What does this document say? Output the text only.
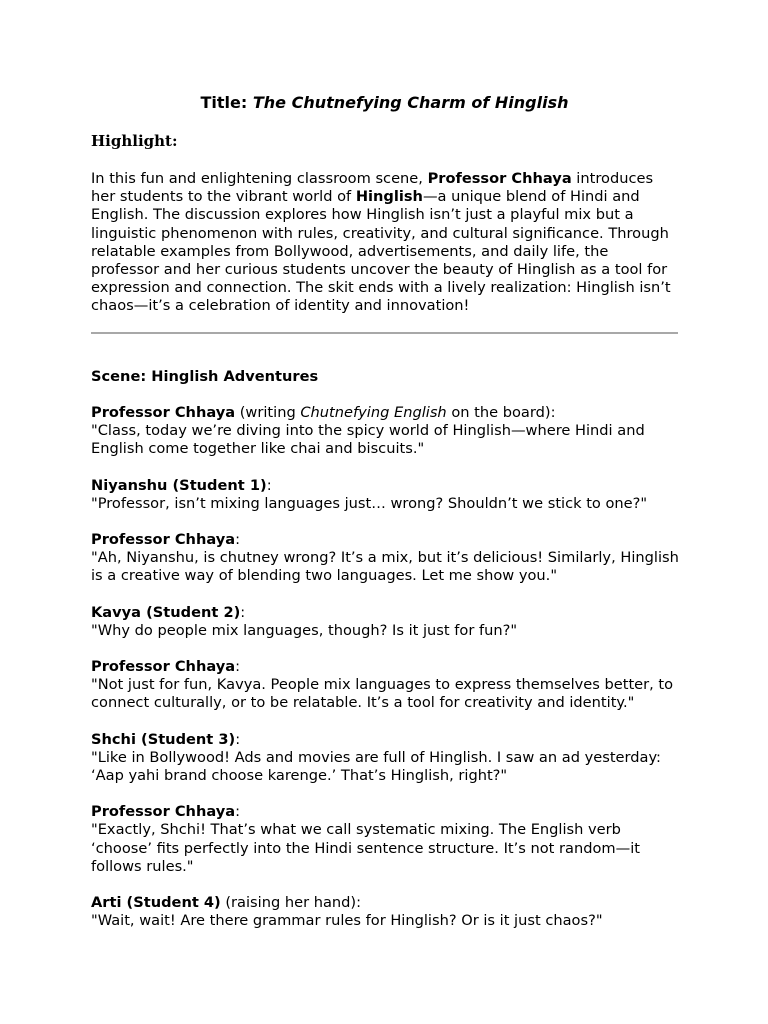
Title: The Chutnefying Charm of Hinglish
Highlight:

In this fun and enlightening classroom scene, Professor Chhaya introduces her students to the vibrant world of Hinglish—a unique blend of Hindi and English. The discussion explores how Hinglish isn’t just a playful mix but a linguistic phenomenon with rules, creativity, and cultural significance. Through relatable examples from Bollywood, advertisements, and daily life, the professor and her curious students uncover the beauty of Hinglish as a tool for expression and connection. The skit ends with a lively realization: Hinglish isn’t chaos—it’s a celebration of identity and innovation!

Scene: Hinglish Adventures

Professor Chhaya (writing Chutnefying English on the board):

"Class, today we’re diving into the spicy world of Hinglish—where Hindi and English come together like chai and biscuits."

Niyanshu (Student 1):

"Professor, isn’t mixing languages just… wrong? Shouldn’t we stick to one?"

Professor Chhaya:

"Ah, Niyanshu, is chutney wrong? It’s a mix, but it’s delicious! Similarly, Hinglish is a creative way of blending two languages. Let me show you."

Kavya (Student 2):

"Why do people mix languages, though? Is it just for fun?"

Professor Chhaya:

"Not just for fun, Kavya. People mix languages to express themselves better, to connect culturally, or to be relatable. It’s a tool for creativity and identity."

Shchi (Student 3):

"Like in Bollywood! Ads and movies are full of Hinglish. I saw an ad yesterday: ‘Aap yahi brand choose karenge.’ That’s Hinglish, right?"

Professor Chhaya:

"Exactly, Shchi! That’s what we call systematic mixing. The English verb ‘choose’ fits perfectly into the Hindi sentence structure. It’s not random—it follows rules."

Arti (Student 4) (raising her hand):

"Wait, wait! Are there grammar rules for Hinglish? Or is it just chaos?"
